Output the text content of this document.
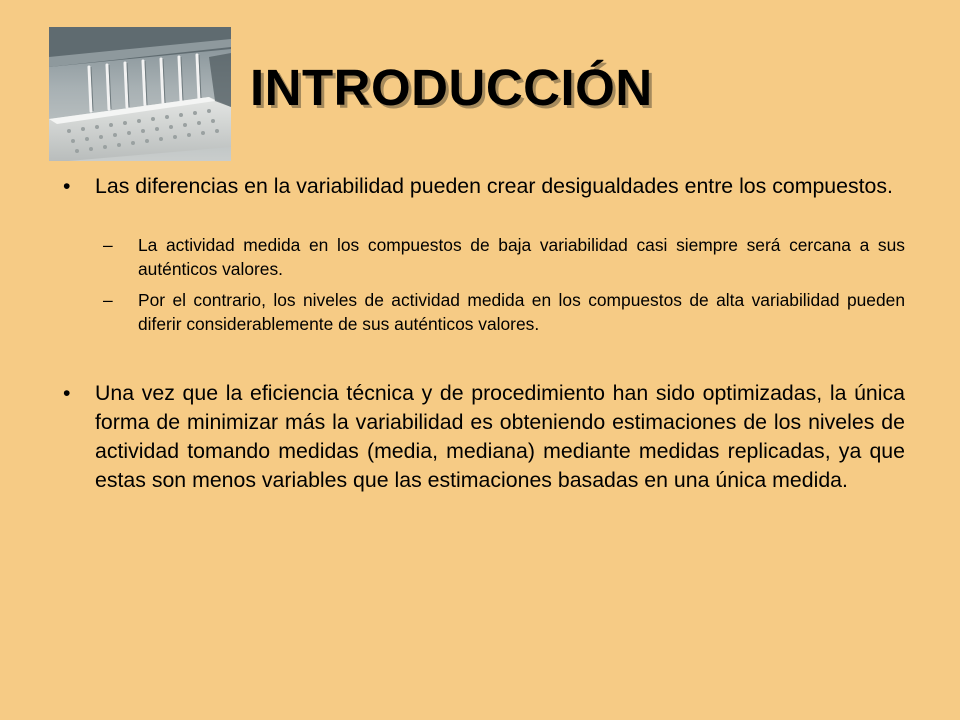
INTRODUCCIÓN
• Las diferencias en la variabilidad pueden crear desigualdades entre los compuestos.
– La actividad medida en los compuestos de baja variabilidad casi siempre será cercana a sus auténticos valores.
– Por el contrario, los niveles de actividad medida en los compuestos de alta variabilidad pueden diferir considerablemente de sus auténticos valores.
• Una vez que la eficiencia técnica y de procedimiento han sido optimizadas, la única forma de minimizar más la variabilidad es obteniendo estimaciones de los niveles de actividad tomando medidas (media, mediana) mediante medidas replicadas, ya que estas son menos variables que las estimaciones basadas en una única medida.
